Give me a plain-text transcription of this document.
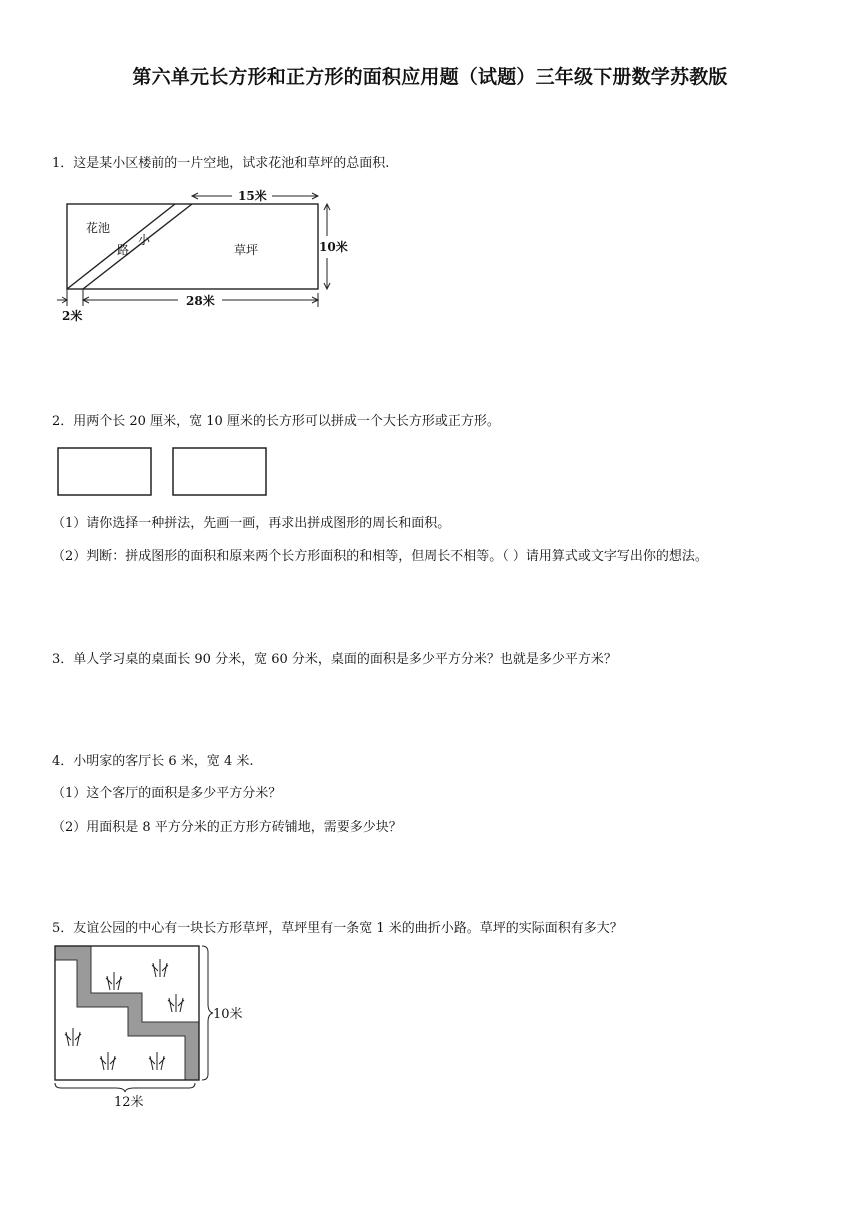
第六单元长方形和正方形的面积应用题（试题）三年级下册数学苏教版
1．这是某小区楼前的一片空地，试求花池和草坪的总面积.
花池
小
路	草坪
15米
10米
28米
2米
2．用两个长 20 厘米，宽 10 厘米的长方形可以拼成一个大长方形或正方形。
（1）请你选择一种拼法，先画一画，再求出拼成图形的周长和面积。
（2）判断：拼成图形的面积和原来两个长方形面积的和相等，但周长不相等。（ ）请用算式或文字写出你的想法。
3．单人学习桌的桌面长 90 分米，宽 60 分米，桌面的面积是多少平方分米？也就是多少平方米？
4．小明家的客厅长 6 米，宽 4 米.
（1）这个客厅的面积是多少平方分米？
（2）用面积是 8 平方分米的正方形方砖铺地，需要多少块？
5．友谊公园的中心有一块长方形草坪，草坪里有一条宽 1 米的曲折小路。草坪的实际面积有多大？
10米
12米
